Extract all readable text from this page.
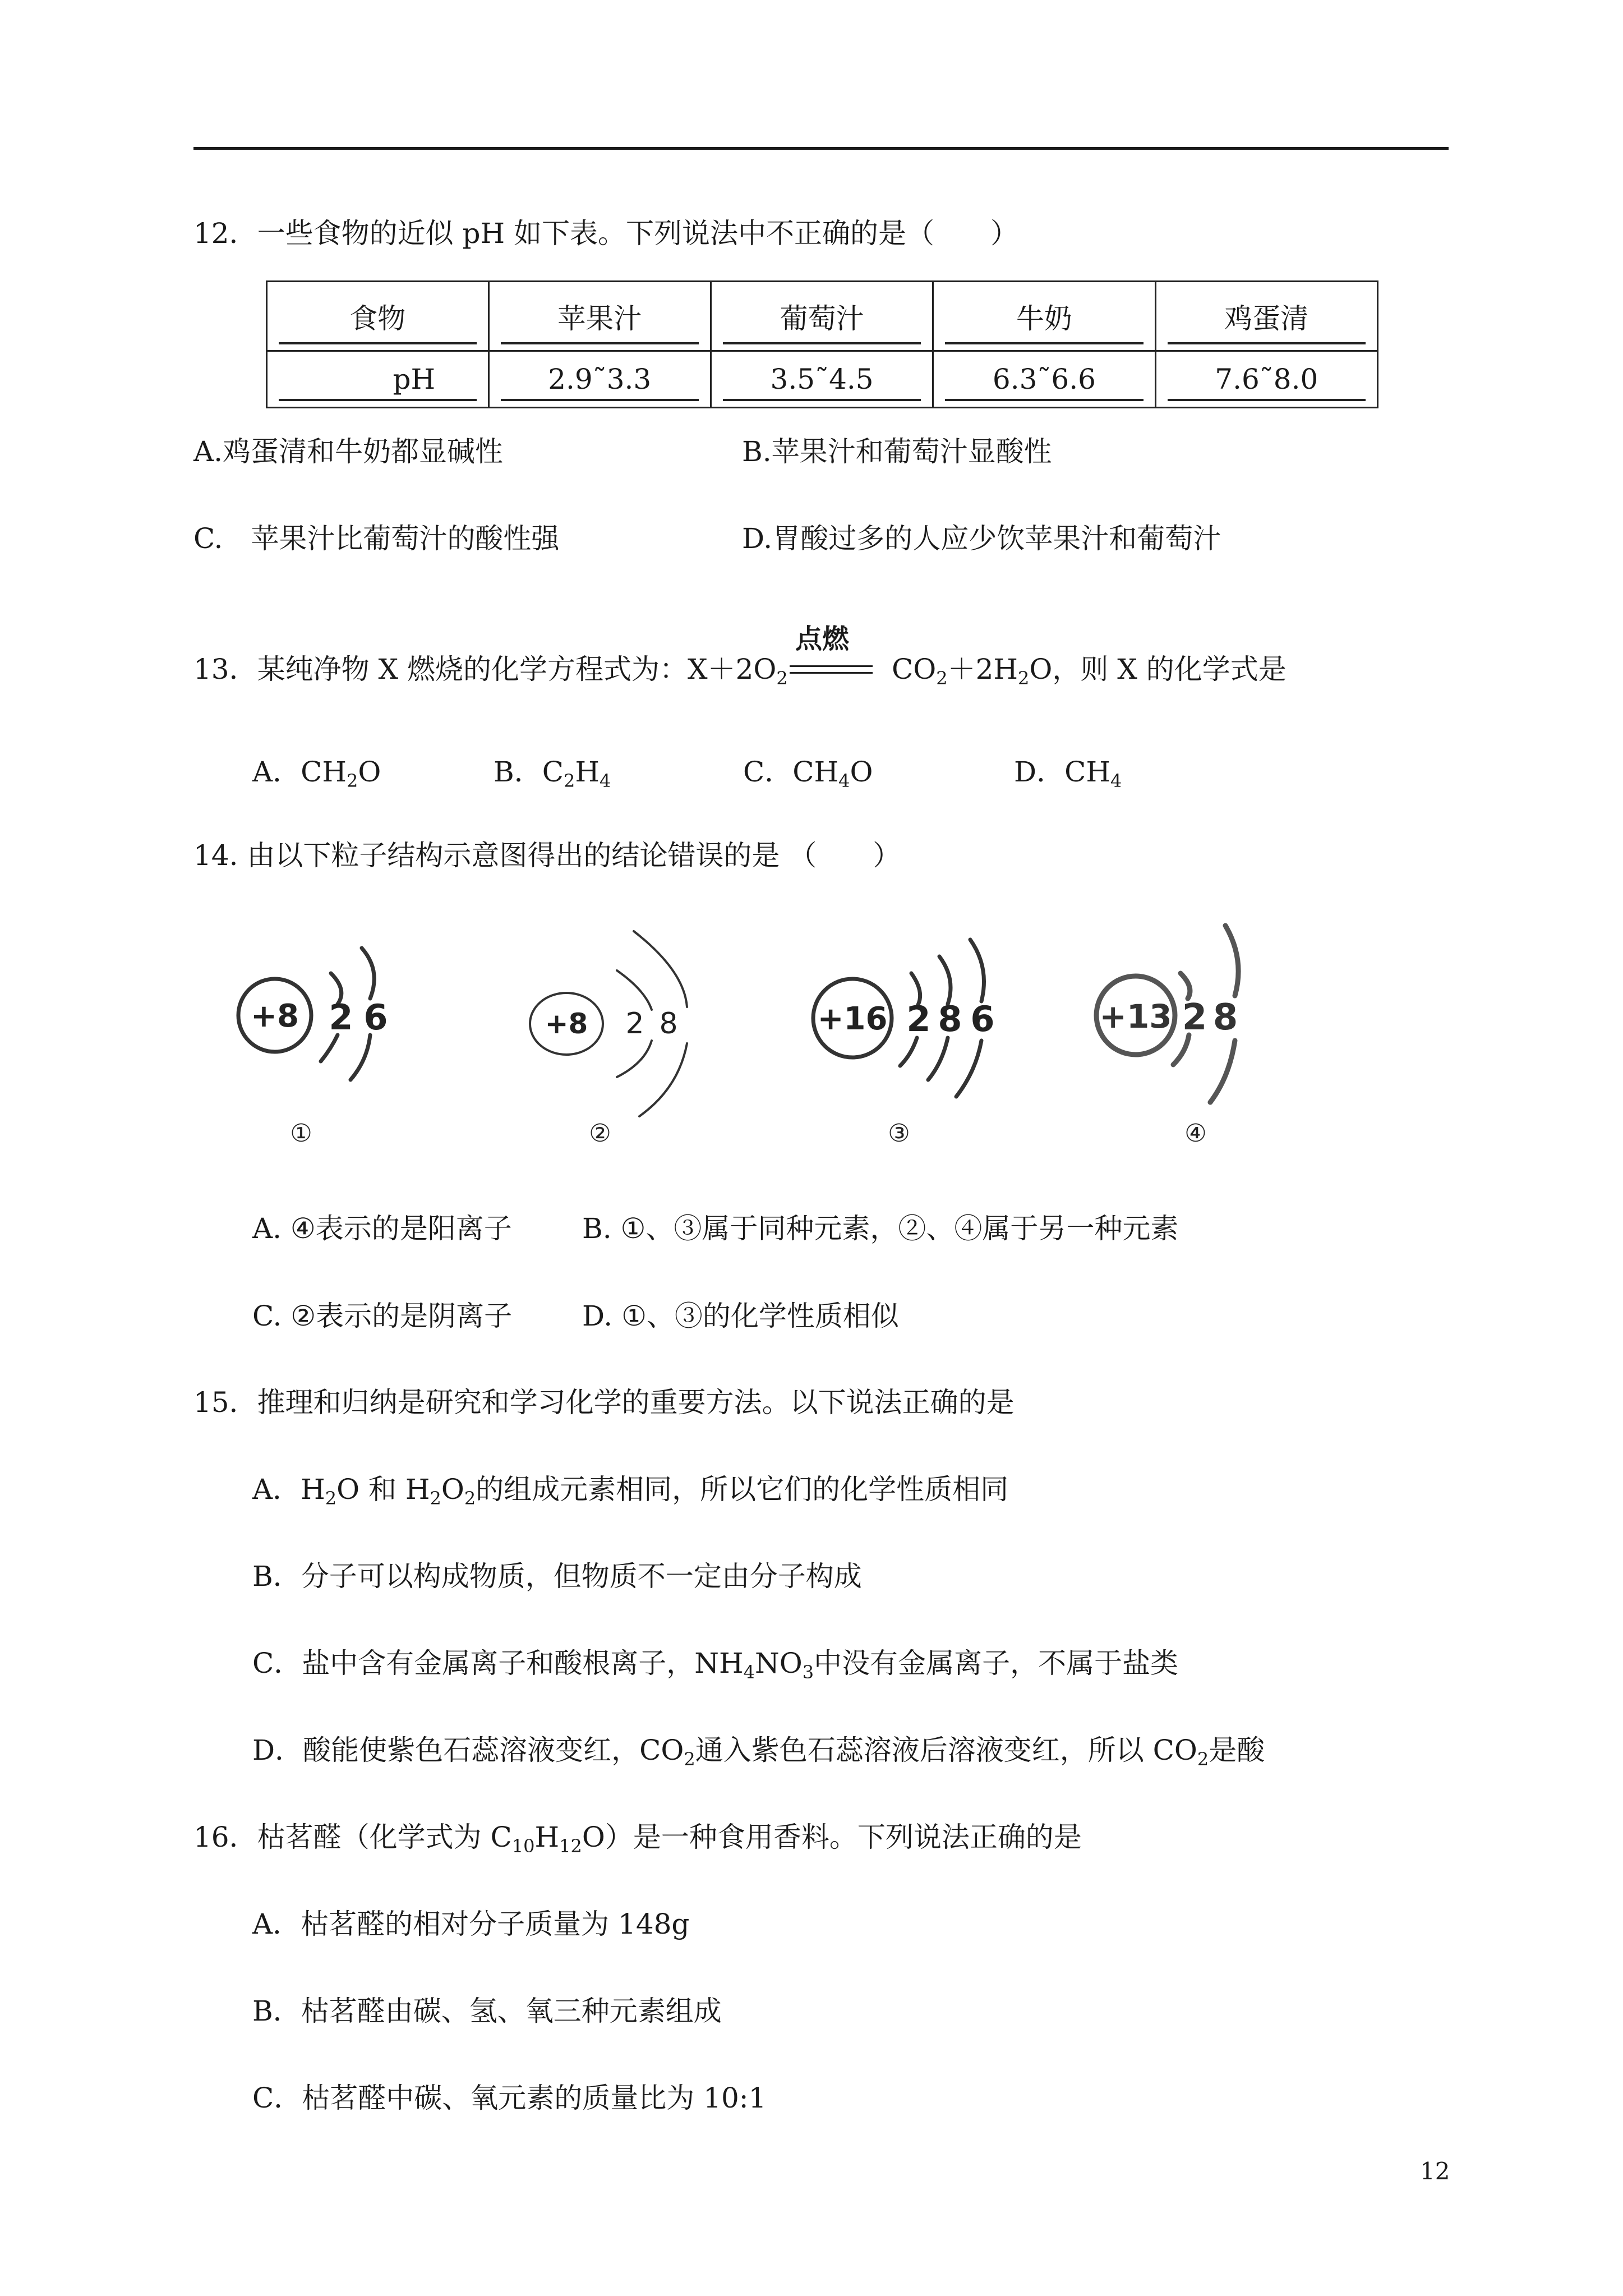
12．一些食物的近似 pH 如下表。下列说法中不正确的是（　　）
食物	苹果汁	葡萄汁	牛奶	鸡蛋清

pH	2.9˜3.3	3.5˜4.5	6.3˜6.6	7.6˜8.0
A.鸡蛋清和牛奶都显碱性	B.苹果汁和葡萄汁显酸性
C.　苹果汁比葡萄汁的酸性强	D.胃酸过多的人应少饮苹果汁和葡萄汁
13．某纯净物 X 燃烧的化学方程式为：$X+2O_2$
点燃
$CO_2+2H_2O$，则 X 的化学式是
A．$CH_2O$	B．$C_2H_4$	C．$CH_4O$	D．$CH_4$
14. 由以下粒子结构示意图得出的结论错误的是 （　　）
+8 2 6	+8 2 8	+16 2 8 6	+13 2 8
①	②	③	④
A. ④表示的是阳离子	B. ①、③属于同种元素，②、④属于另一种元素
C. ②表示的是阴离子 D. ①、③的化学性质相似
15．推理和归纳是研究和学习化学的重要方法。以下说法正确的是
A．$H_2O$ 和 $H_2O_2$的组成元素相同，所以它们的化学性质相同
B．分子可以构成物质，但物质不一定由分子构成
C．盐中含有金属离子和酸根离子，$NH_4NO_3$中没有金属离子，不属于盐类
D．酸能使紫色石蕊溶液变红，$CO_2$通入紫色石蕊溶液后溶液变红，所以 $CO_2$是酸
16．枯茗醛（化学式为 $C_{10}H_{12}O$）是一种食用香料。下列说法正确的是
A．枯茗醛的相对分子质量为 148g
B．枯茗醛由碳、氢、氧三种元素组成
C．枯茗醛中碳、氧元素的质量比为 10:1
12
